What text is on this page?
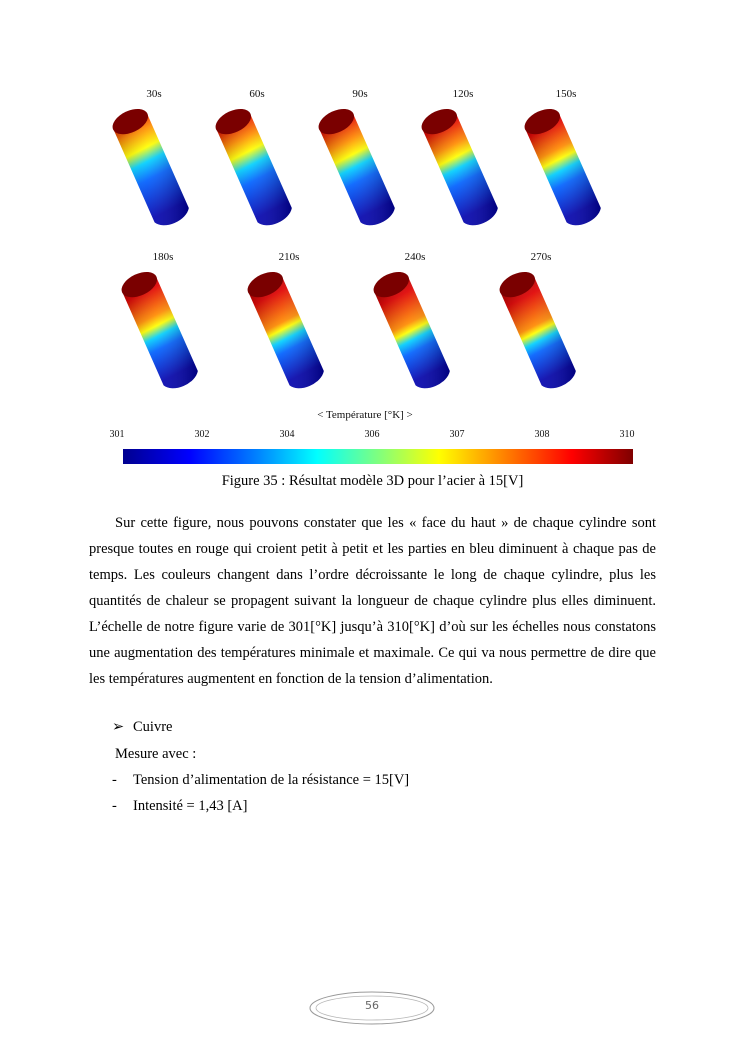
30s	60s	90s	120s	150s
180s	210s	240s	270s
< Température [°K] >
301	302	304	306	307	308	310
Figure 35 : Résultat modèle 3D pour l’acier à 15[V]

Sur cette figure, nous pouvons constater que les « face du haut » de chaque cylindre sont presque toutes en rouge qui croient petit à petit et les parties en bleu diminuent à chaque pas de temps. Les couleurs changent dans l’ordre décroissante le long de chaque cylindre, plus les quantités de chaleur se propagent suivant la longueur de chaque cylindre plus elles diminuent. L’échelle de notre figure varie de 301[°K] jusqu’à 310[°K] d’où sur les échelles nous constatons une augmentation des températures minimale et maximale. Ce qui va nous permettre de dire que les températures augmentent en fonction de la tension d’alimentation.

➢ Cuivre
Mesure avec :
- Tension d’alimentation de la résistance = 15[V]
- Intensité = 1,43 [A]
56
